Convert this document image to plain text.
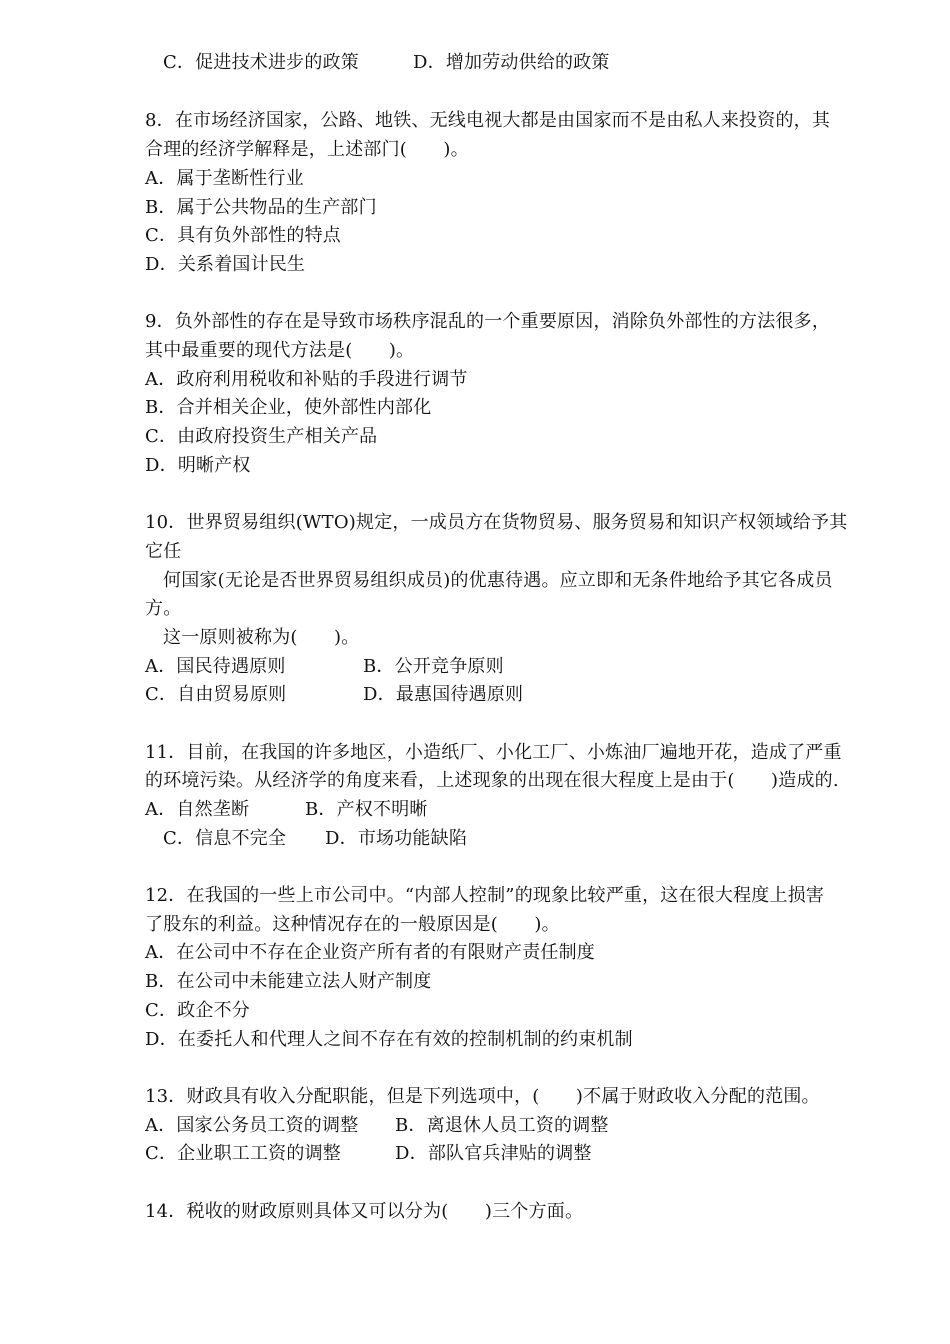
C．促进技术进步的政策	D．增加劳动供给的政策
8．在市场经济国家，公路、地铁、无线电视大都是由国家而不是由私人来投资的，其
合理的经济学解释是，上述部门(　　)。
A．属于垄断性行业
B．属于公共物品的生产部门
C．具有负外部性的特点
D．关系着国计民生
9．负外部性的存在是导致市场秩序混乱的一个重要原因，消除负外部性的方法很多，
其中最重要的现代方法是(　　)。
A．政府利用税收和补贴的手段进行调节
B．合并相关企业，使外部性内部化
C．由政府投资生产相关产品
D．明晰产权
10．世界贸易组织(WTO)规定，一成员方在货物贸易、服务贸易和知识产权领域给予其
它任
何国家(无论是否世界贸易组织成员)的优惠待遇。应立即和无条件地给予其它各成员
方。
这一原则被称为(　　)。
A．国民待遇原则	B．公开竞争原则
C．自由贸易原则	D．最惠国待遇原则
11．目前，在我国的许多地区，小造纸厂、小化工厂、小炼油厂遍地开花，造成了严重
的环境污染。从经济学的角度来看，上述现象的出现在很大程度上是由于(　　)造成的.
A．自然垄断	B．产权不明晰
C．信息不完全 D．市场功能缺陷
12．在我国的一些上市公司中。“内部人控制”的现象比较严重，这在很大程度上损害
了股东的利益。这种情况存在的一般原因是(　　)。
A．在公司中不存在企业资产所有者的有限财产责任制度
B．在公司中未能建立法人财产制度
C．政企不分
D．在委托人和代理人之间不存在有效的控制机制的约束机制
13．财政具有收入分配职能，但是下列选项中，(　　)不属于财政收入分配的范围。
A．国家公务员工资的调整 B．离退休人员工资的调整
C．企业职工工资的调整	D．部队官兵津贴的调整
14．税收的财政原则具体又可以分为(　　)三个方面。
